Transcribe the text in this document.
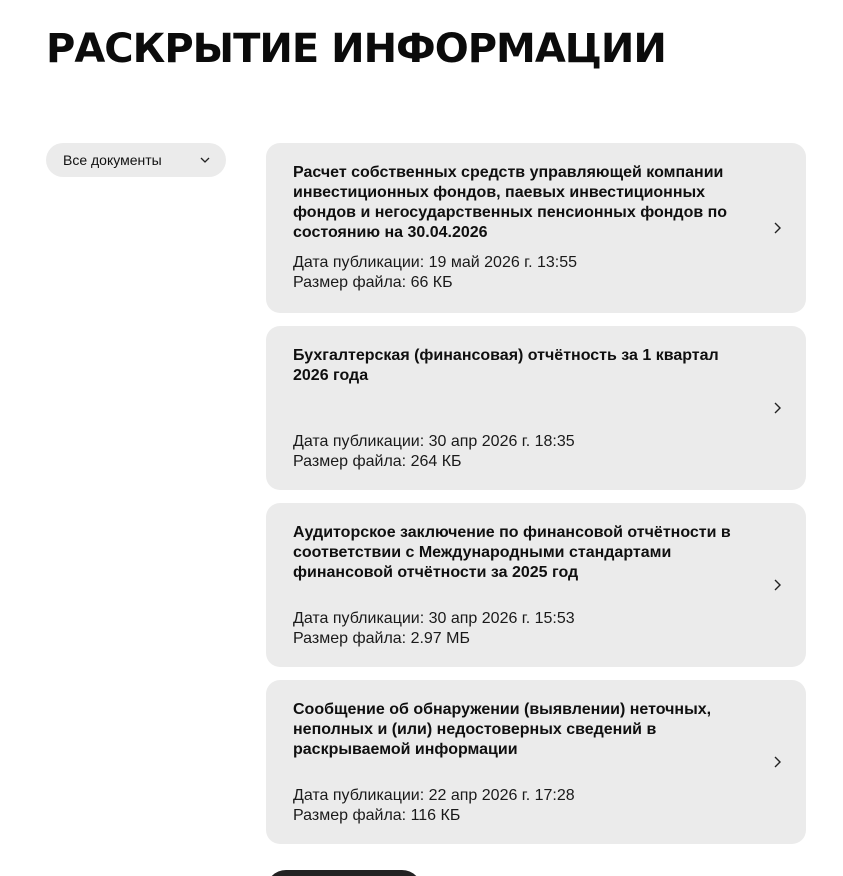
РАСКРЫТИЕ ИНФОРМАЦИИ
Все документы

Расчет собственных средств управляющей компании инвестиционных фондов, паевых инвестиционных фондов и негосударственных пенсионных фондов по состоянию на 30.04.2026

Дата публикации: 19 май 2026 г. 13:55
Размер файла: 66 КБ

Бухгалтерская (финансовая) отчётность за 1 квартал 2026 года

Дата публикации: 30 апр 2026 г. 18:35
Размер файла: 264 КБ

Аудиторское заключение по финансовой отчётности в соответствии с Международными стандартами финансовой отчётности за 2025 год

Дата публикации: 30 апр 2026 г. 15:53
Размер файла: 2.97 МБ

Сообщение об обнаружении (выявлении) неточных, неполных и (или) недостоверных сведений в раскрываемой информации

Дата публикации: 22 апр 2026 г. 17:28
Размер файла: 116 КБ
